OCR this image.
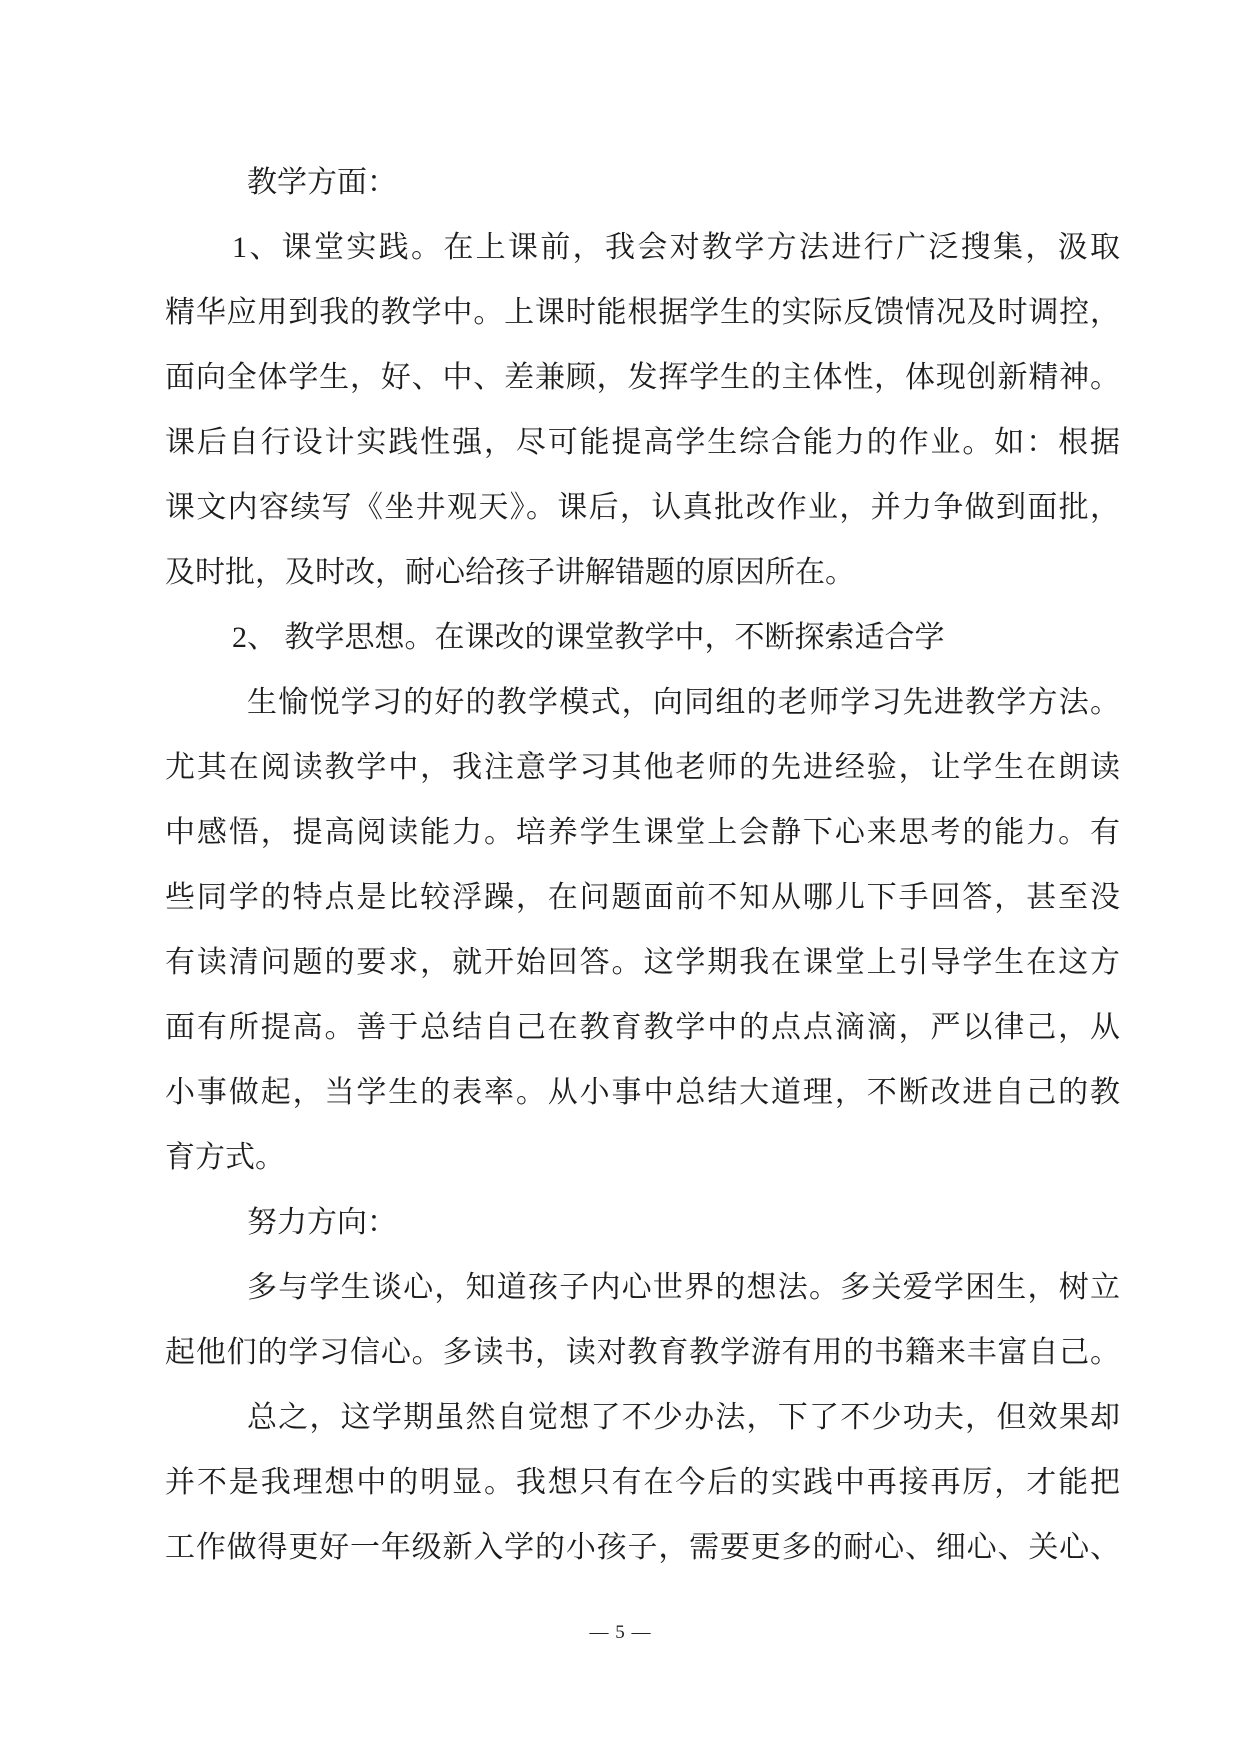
教学方面：
1、课堂实践。在上课前，我会对教学方法进行广泛搜集，汲取
精华应用到我的教学中。上课时能根据学生的实际反馈情况及时调控，
面向全体学生，好、中、差兼顾，发挥学生的主体性，体现创新精神。
课后自行设计实践性强，尽可能提高学生综合能力的作业。如：根据
课文内容续写《坐井观天》。课后，认真批改作业，并力争做到面批，
及时批，及时改，耐心给孩子讲解错题的原因所在。
2、 教学思想。在课改的课堂教学中，不断探索适合学
生愉悦学习的好的教学模式，向同组的老师学习先进教学方法。
尤其在阅读教学中，我注意学习其他老师的先进经验，让学生在朗读
中感悟，提高阅读能力。培养学生课堂上会静下心来思考的能力。有
些同学的特点是比较浮躁，在问题面前不知从哪儿下手回答，甚至没
有读清问题的要求，就开始回答。这学期我在课堂上引导学生在这方
面有所提高。善于总结自己在教育教学中的点点滴滴，严以律己，从
小事做起，当学生的表率。从小事中总结大道理，不断改进自己的教
育方式。
努力方向：
多与学生谈心，知道孩子内心世界的想法。多关爱学困生，树立
起他们的学习信心。多读书，读对教育教学游有用的书籍来丰富自己。
总之，这学期虽然自觉想了不少办法，下了不少功夫，但效果却
并不是我理想中的明显。我想只有在今后的实践中再接再厉，才能把
工作做得更好一年级新入学的小孩子，需要更多的耐心、细心、关心、
— 5 —
